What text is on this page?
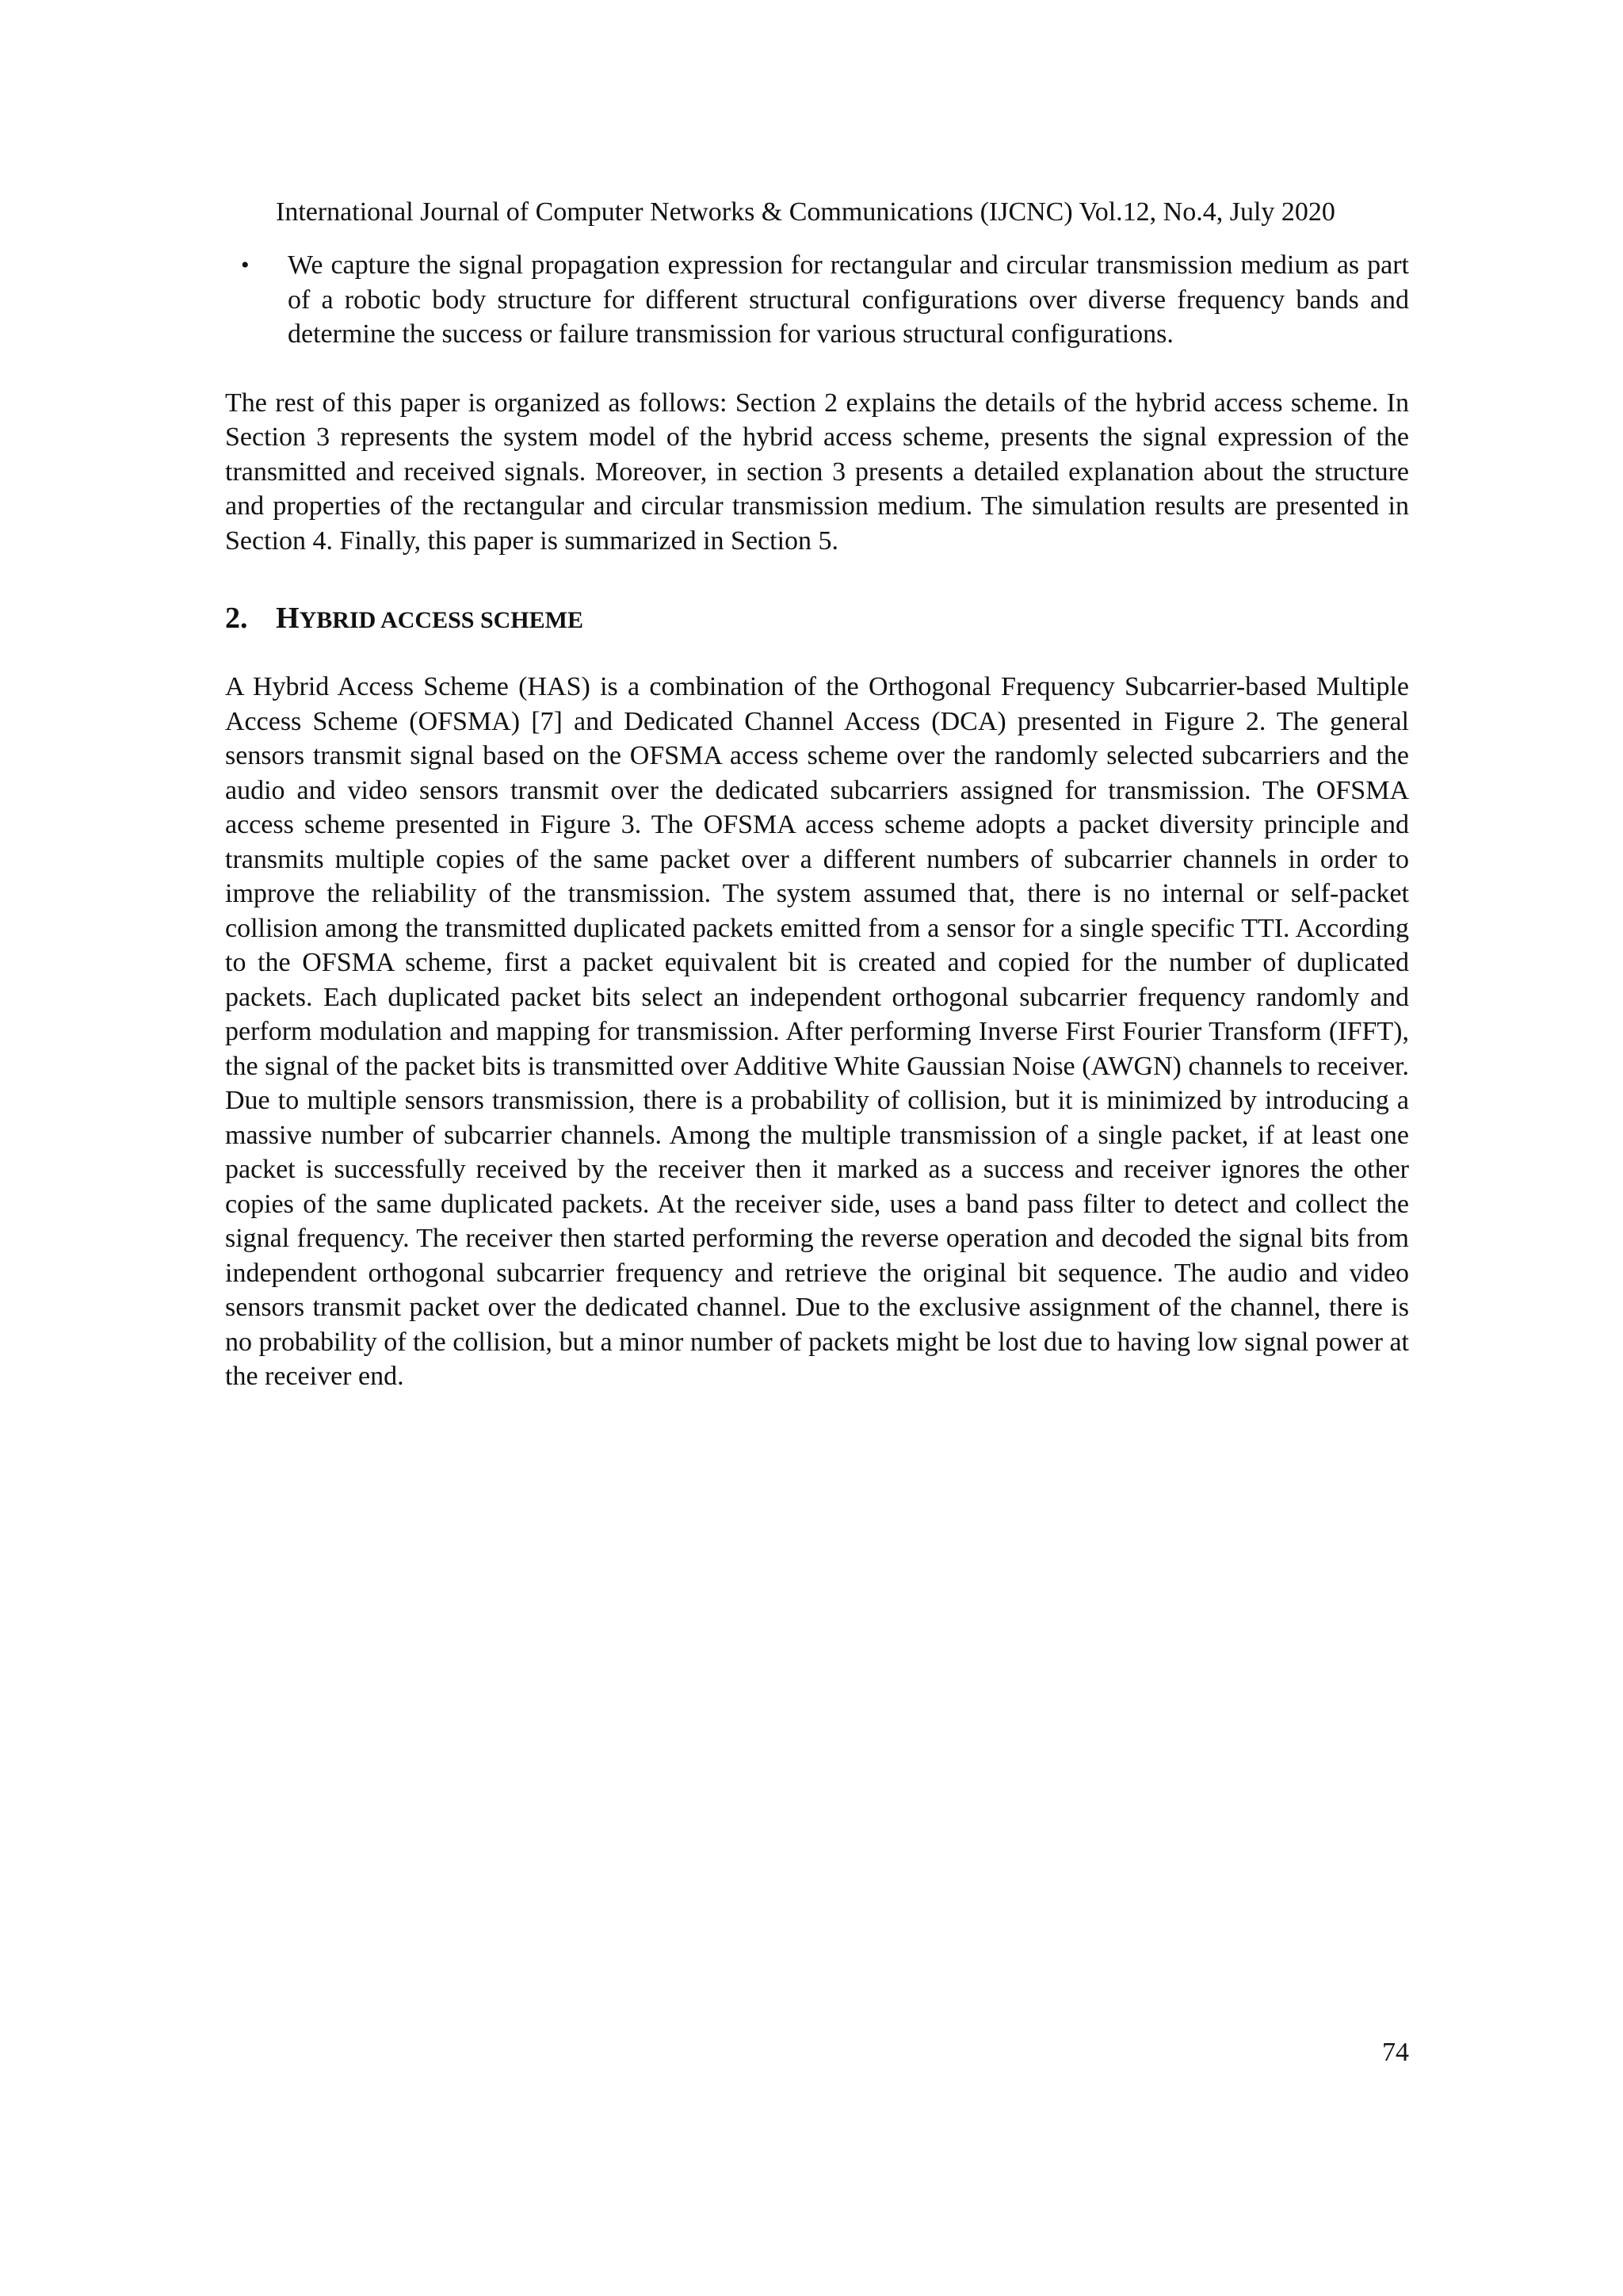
International Journal of Computer Networks & Communications (IJCNC) Vol.12, No.4, July 2020
• We capture the signal propagation expression for rectangular and circular transmission medium as part of a robotic body structure for different structural configurations over diverse frequency bands and determine the success or failure transmission for various structural configurations.

The rest of this paper is organized as follows: Section 2 explains the details of the hybrid access scheme. In Section 3 represents the system model of the hybrid access scheme, presents the signal expression of the transmitted and received signals. Moreover, in section 3 presents a detailed explanation about the structure and properties of the rectangular and circular transmission medium. The simulation results are presented in Section 4. Finally, this paper is summarized in Section 5.

2. HYBRID ACCESS SCHEME

A Hybrid Access Scheme (HAS) is a combination of the Orthogonal Frequency Subcarrier-based Multiple Access Scheme (OFSMA) [7] and Dedicated Channel Access (DCA) presented in Figure 2. The general sensors transmit signal based on the OFSMA access scheme over the randomly selected subcarriers and the audio and video sensors transmit over the dedicated subcarriers assigned for transmission. The OFSMA access scheme presented in Figure 3. The OFSMA access scheme adopts a packet diversity principle and transmits multiple copies of the same packet over a different numbers of subcarrier channels in order to improve the reliability of the transmission. The system assumed that, there is no internal or self-packet collision among the transmitted duplicated packets emitted from a sensor for a single specific TTI. According to the OFSMA scheme, first a packet equivalent bit is created and copied for the number of duplicated packets. Each duplicated packet bits select an independent orthogonal subcarrier frequency randomly and perform modulation and mapping for transmission. After performing Inverse First Fourier Transform (IFFT), the signal of the packet bits is transmitted over Additive White Gaussian Noise (AWGN) channels to receiver. Due to multiple sensors transmission, there is a probability of collision, but it is minimized by introducing a massive number of subcarrier channels. Among the multiple transmission of a single packet, if at least one packet is successfully received by the receiver then it marked as a success and receiver ignores the other copies of the same duplicated packets. At the receiver side, uses a band pass filter to detect and collect the signal frequency. The receiver then started performing the reverse operation and decoded the signal bits from independent orthogonal subcarrier frequency and retrieve the original bit sequence. The audio and video sensors transmit packet over the dedicated channel. Due to the exclusive assignment of the channel, there is no probability of the collision, but a minor number of packets might be lost due to having low signal power at the receiver end.

74
